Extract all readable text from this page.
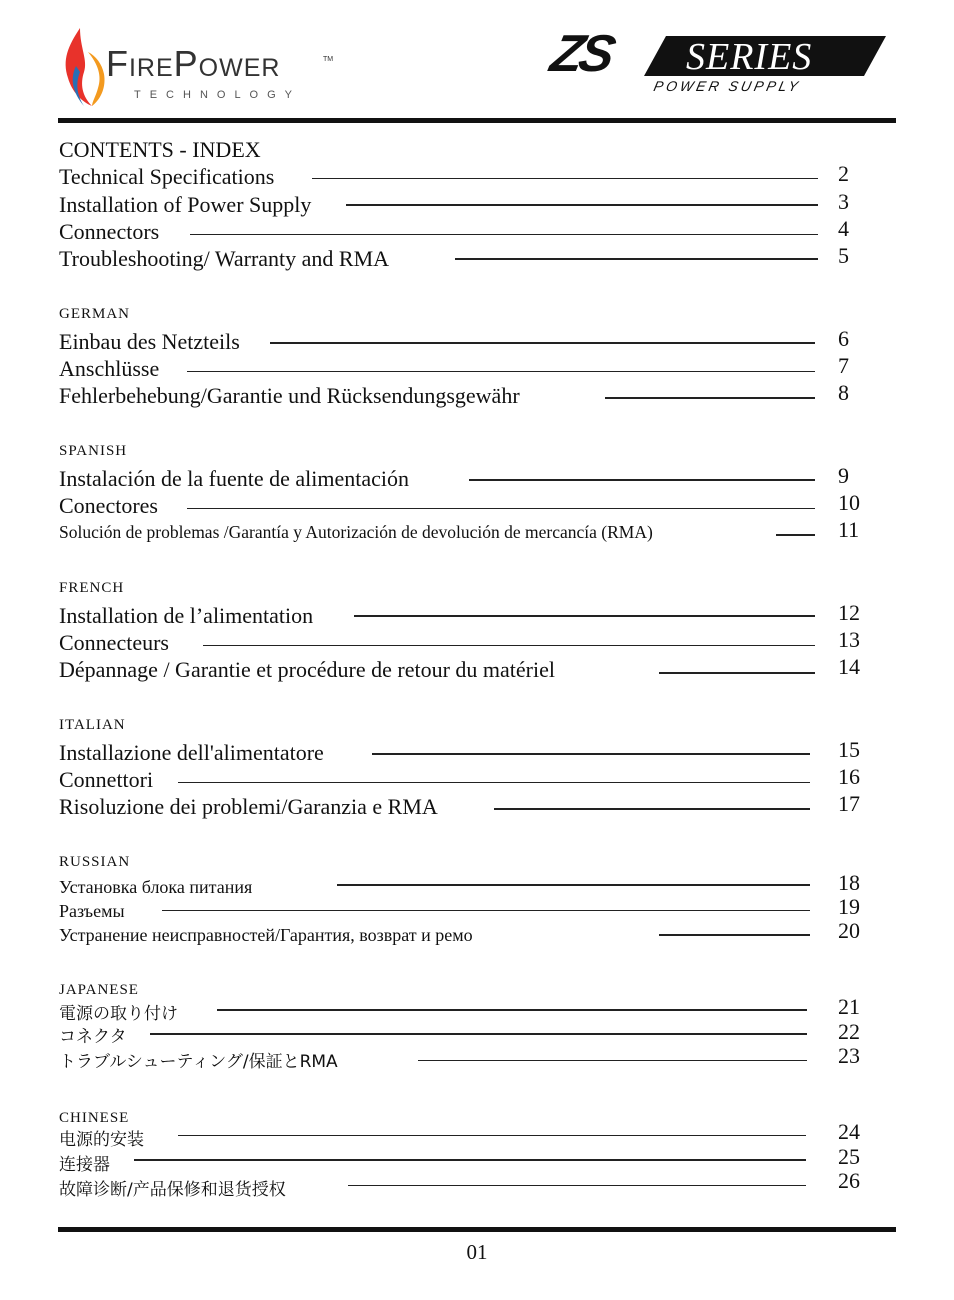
FirePower	TM
TECHNOLOGY
ZS SERIES
POWER SUPPLY
CONTENTS - INDEX
Technical Specifications	2
Installation of Power Supply	3
Connectors	4
Troubleshooting/ Warranty and RMA	5
GERMAN
Einbau des Netzteils	6
Anschlüsse	7
Fehlerbehebung/Garantie und Rücksendungsgewähr	8
SPANISH
Instalación de la fuente de alimentación	9
Conectores	10
Solución de problemas /Garantía y Autorización de devolución de mercancía (RMA)	11
FRENCH
Installation de l’alimentation	12
Connecteurs	13
Dépannage / Garantie et procédure de retour du matériel	14
ITALIAN
Installazione dell'alimentatore	15
Connettori	16
Risoluzione dei problemi/Garanzia e RMA	17
RUSSIAN
Установка блока питания	18
Разъемы	19
Устранение неисправностей/Гарантия, возврат и ремо	20
JAPANESE
電源の取り付け	21
コネクタ	22
トラブルシューティング/保証とRMA	23
CHINESE
电源的安装	24
连接器	25
故障诊断/产品保修和退货授权	26
01
